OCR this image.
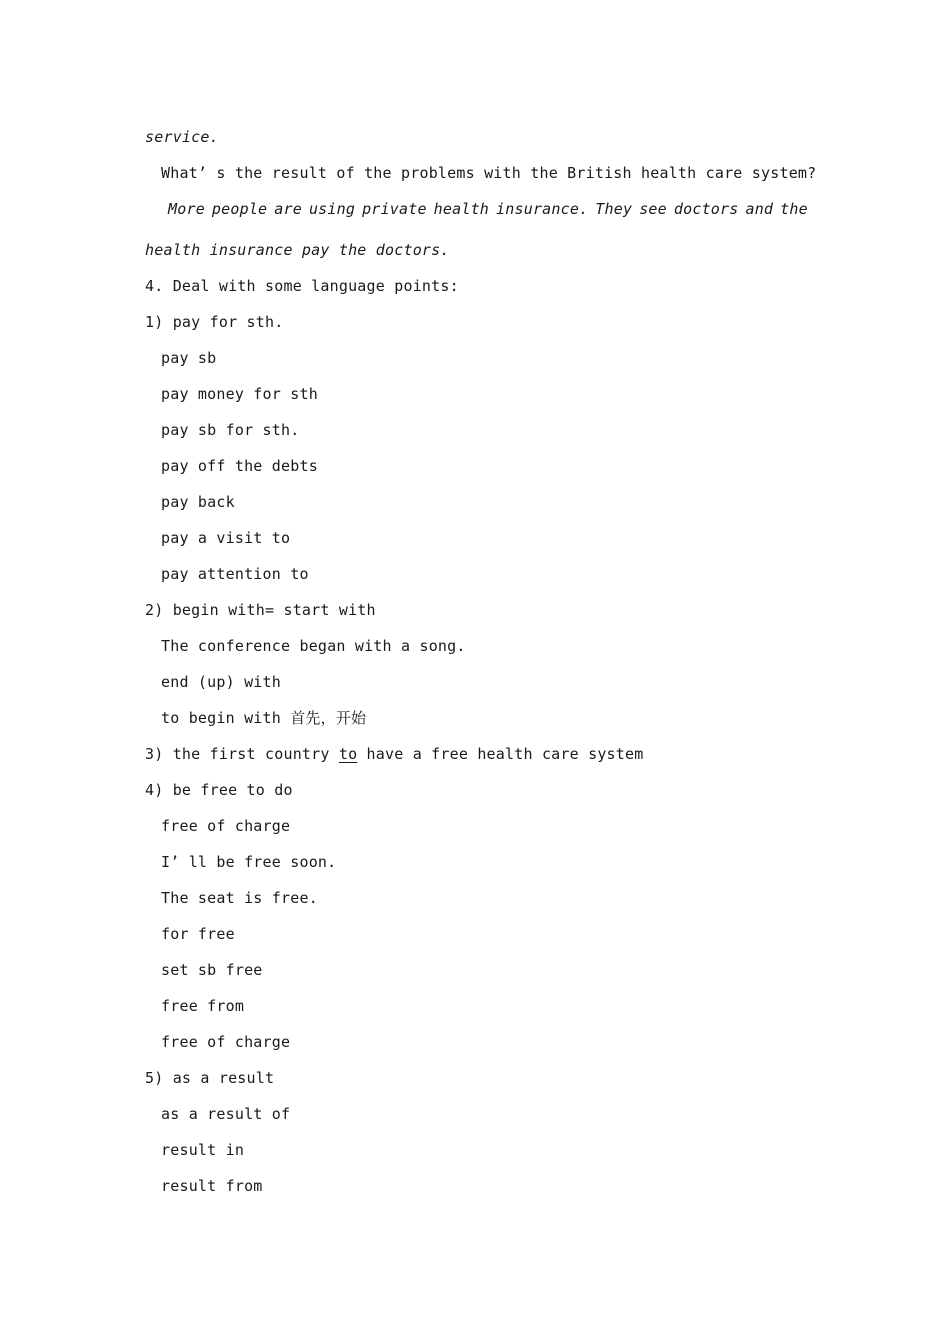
service.
What’ s the result of the problems with the British health care system?
More people are using private health insurance. They see doctors and the
health insurance pay the doctors.
4. Deal with some language points:
1) pay for sth.
pay sb
pay money for sth
pay sb for sth.
pay off the debts
pay back
pay a visit to
pay attention to
2) begin with= start with
The conference began with a song.
end (up) with
to begin with 首先，开始
3) the first country to have a free health care system
4) be free to do
free of charge
I’ ll be free soon.
The seat is free.
for free
set sb free
free from
free of charge
5) as a result
as a result of
result in
result from
